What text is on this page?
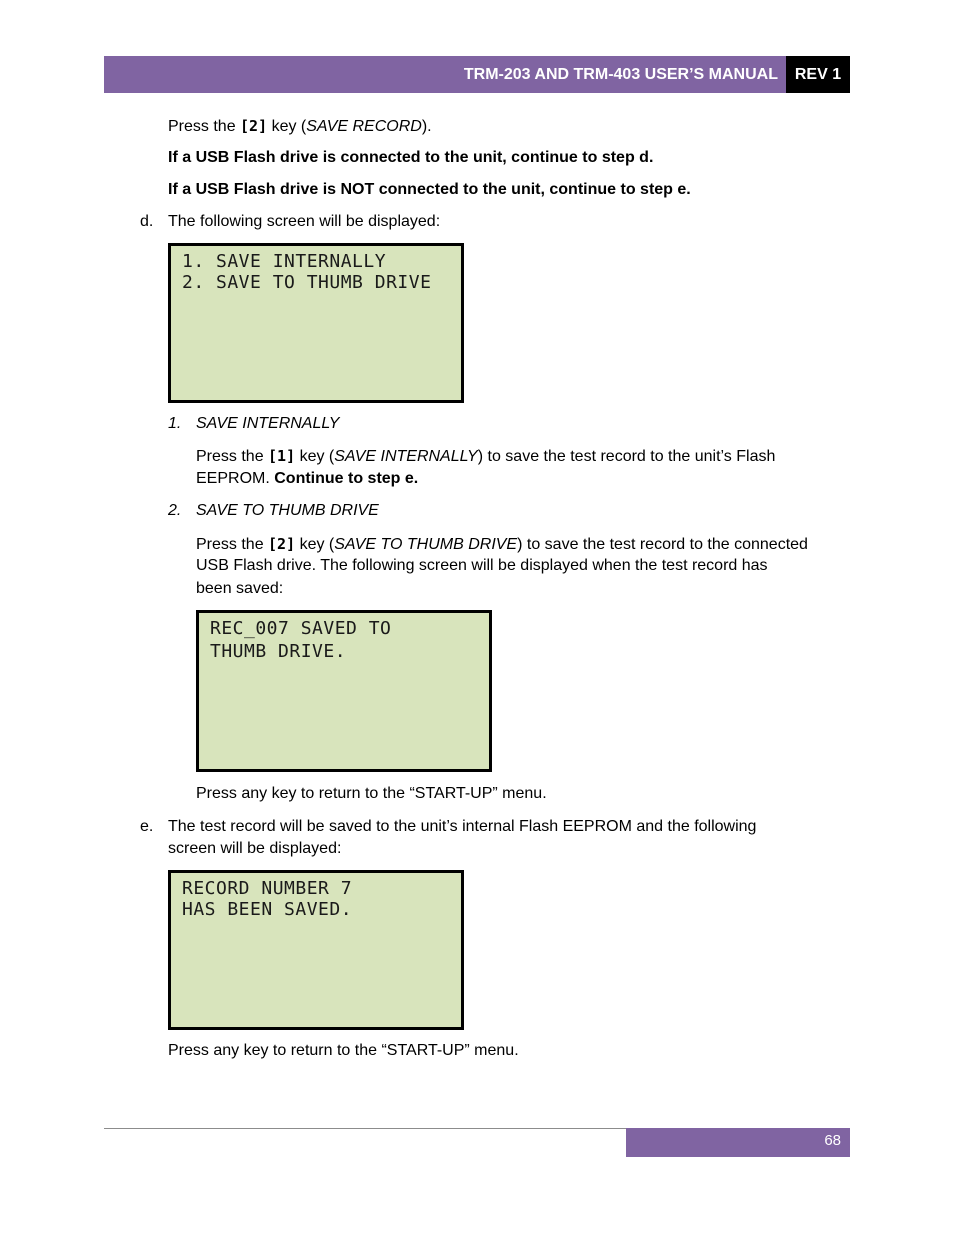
TRM-203 AND TRM-403 USER’S MANUAL	REV 1
Press the [2] key (SAVE RECORD).
If a USB Flash drive is connected to the unit, continue to step d.
If a USB Flash drive is NOT connected to the unit, continue to step e.
d. The following screen will be displayed:
1. SAVE INTERNALLY
2. SAVE TO THUMB DRIVE
1. SAVE INTERNALLY
Press the [1] key (SAVE INTERNALLY) to save the test record to the unit’s Flash
EEPROM. Continue to step e.
2. SAVE TO THUMB DRIVE
Press the [2] key (SAVE TO THUMB DRIVE) to save the test record to the connected
USB Flash drive. The following screen will be displayed when the test record has
been saved:
REC_007 SAVED TO
THUMB DRIVE.
Press any key to return to the “START-UP” menu.
e. The test record will be saved to the unit’s internal Flash EEPROM and the following
screen will be displayed:
RECORD NUMBER 7
HAS BEEN SAVED.
Press any key to return to the “START-UP” menu.
68
